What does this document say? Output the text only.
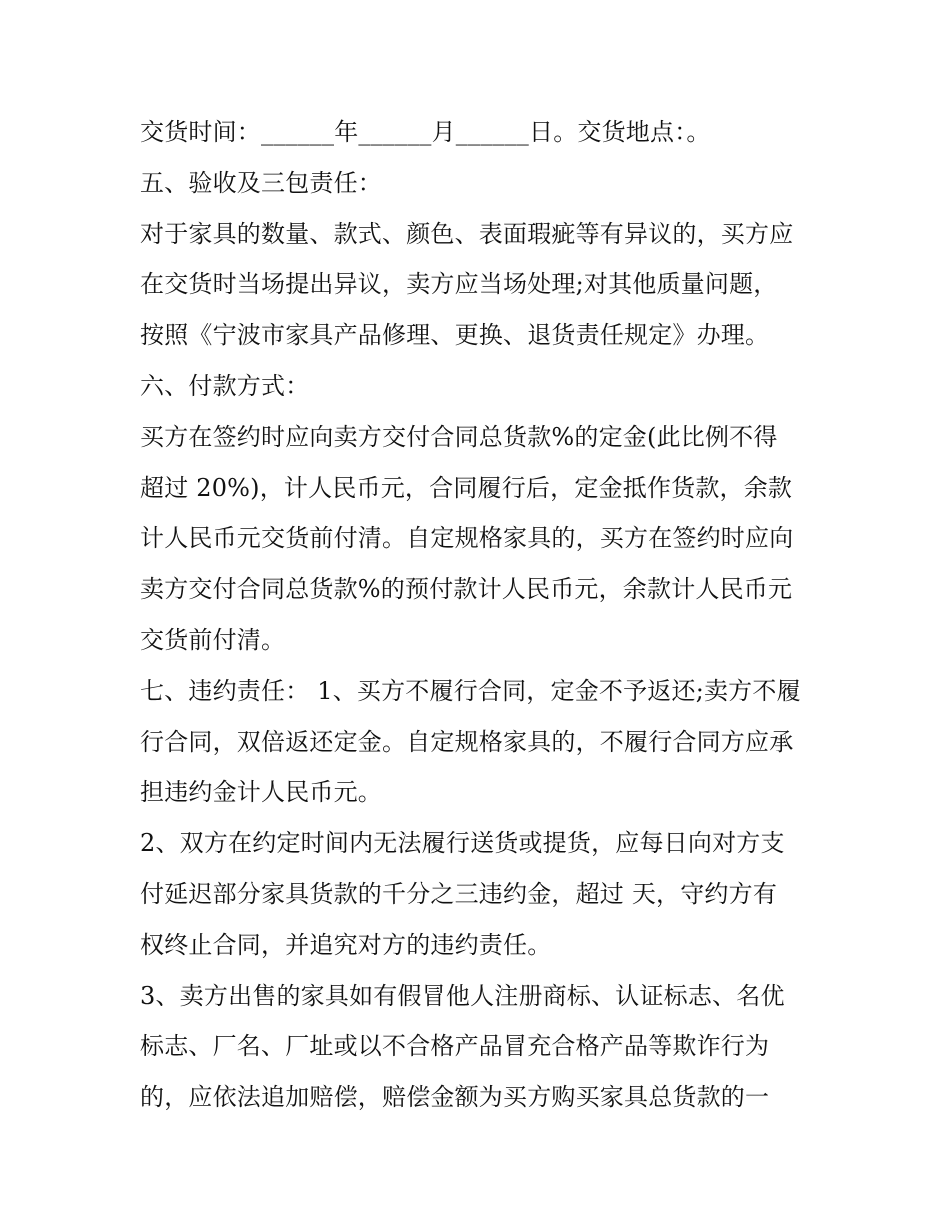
交货时间：______年______月______日。交货地点：。
五、验收及三包责任：
对于家具的数量、款式、颜色、表面瑕疵等有异议的，买方应
在交货时当场提出异议，卖方应当场处理;对其他质量问题，
按照《宁波市家具产品修理、更换、退货责任规定》办理。
六、付款方式：
买方在签约时应向卖方交付合同总货款%的定金(此比例不得
超过 20%)，计人民币元，合同履行后，定金抵作货款，余款
计人民币元交货前付清。自定规格家具的，买方在签约时应向
卖方交付合同总货款%的预付款计人民币元，余款计人民币元
交货前付清。
七、违约责任： 1、买方不履行合同，定金不予返还;卖方不履
行合同，双倍返还定金。自定规格家具的，不履行合同方应承
担违约金计人民币元。
2、双方在约定时间内无法履行送货或提货，应每日向对方支
付延迟部分家具货款的千分之三违约金，超过 天，守约方有
权终止合同，并追究对方的违约责任。
3、卖方出售的家具如有假冒他人注册商标、认证标志、名优
标志、厂名、厂址或以不合格产品冒充合格产品等欺诈行为
的，应依法追加赔偿，赔偿金额为买方购买家具总货款的一
